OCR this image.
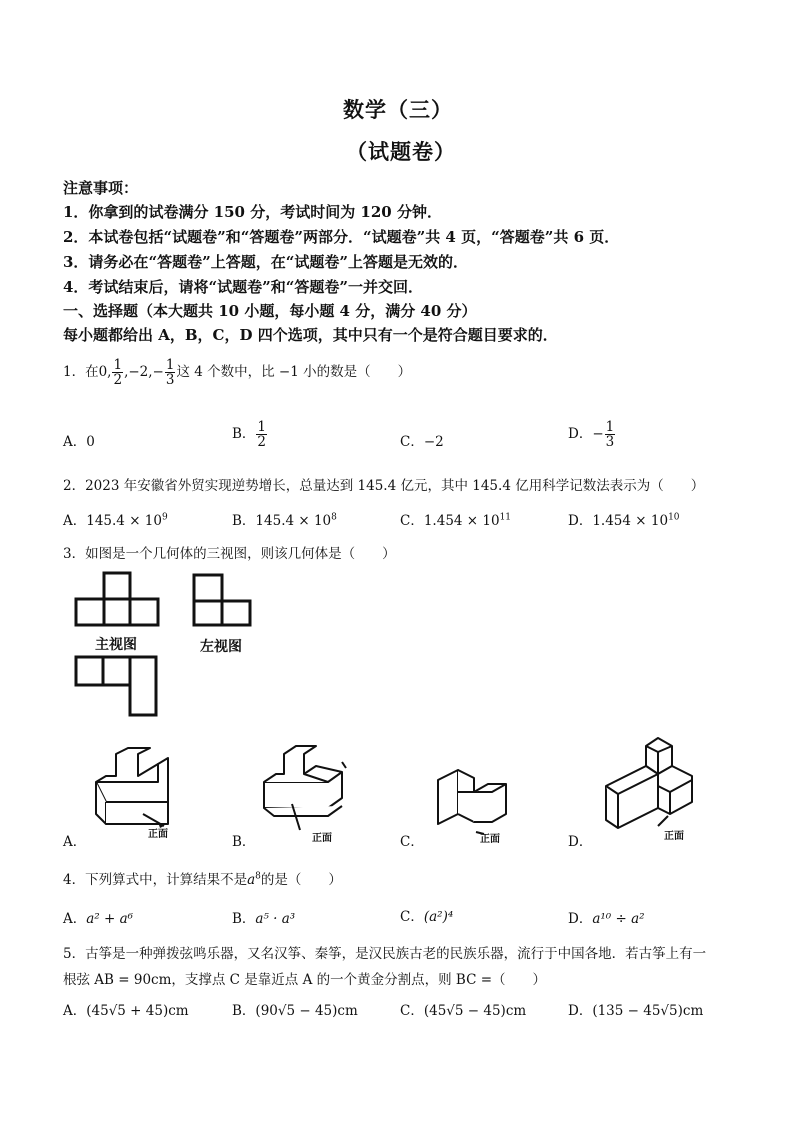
数学（三）
（试题卷）
注意事项：
1．你拿到的试卷满分 150 分，考试时间为 120 分钟．
2．本试卷包括“试题卷”和“答题卷”两部分．“试题卷”共 4 页，“答题卷”共 6 页．
3．请务必在“答题卷”上答题，在“试题卷”上答题是无效的．
4．考试结束后，请将“试题卷”和“答题卷”一并交回．
一、选择题（本大题共 10 小题，每小题 4 分，满分 40 分）
每小题都给出 A，B，C，D 四个选项，其中只有一个是符合题目要求的．
1．在0, $\frac{1}{2} ,-2,- \frac{1}{3}$ 这 4 个数中，比 −1 小的数是（　　）
A．0	B． $\frac{1}{2}$	C．−2	D．− $\frac{1}{3}$
2．2023 年安徽省外贸实现逆势增长，总量达到 145.4 亿元，其中 145.4 亿用科学记数法表示为（　　）
A．$145.4 \times 10^9$	B．$145.4 \times 10^8$	C．$1.454 \times 10^{11}$	D．$1.454 \times 10^{10}$
3．如图是一个几何体的三视图，则该几何体是（　　）
主视图	左视图
正面	正面	正面	正面
A．	B．	C．	D．
4．下列算式中，计算结果不是$a^8$的是（　　）
A．a² + a⁶	B．a⁵ · a³	C．(a²)⁴	D．a¹⁰ ÷ a²
5．古筝是一种弹拨弦鸣乐器，又名汉筝、秦筝，是汉民族古老的民族乐器，流行于中国各地．若古筝上有一
根弦 AB = 90cm，支撑点 C 是靠近点 A 的一个黄金分割点，则 BC =（　　）
A．(45√5 + 45)cm	B．(90√5 − 45)cm	C．(45√5 − 45)cm	D．(135 − 45√5)cm
